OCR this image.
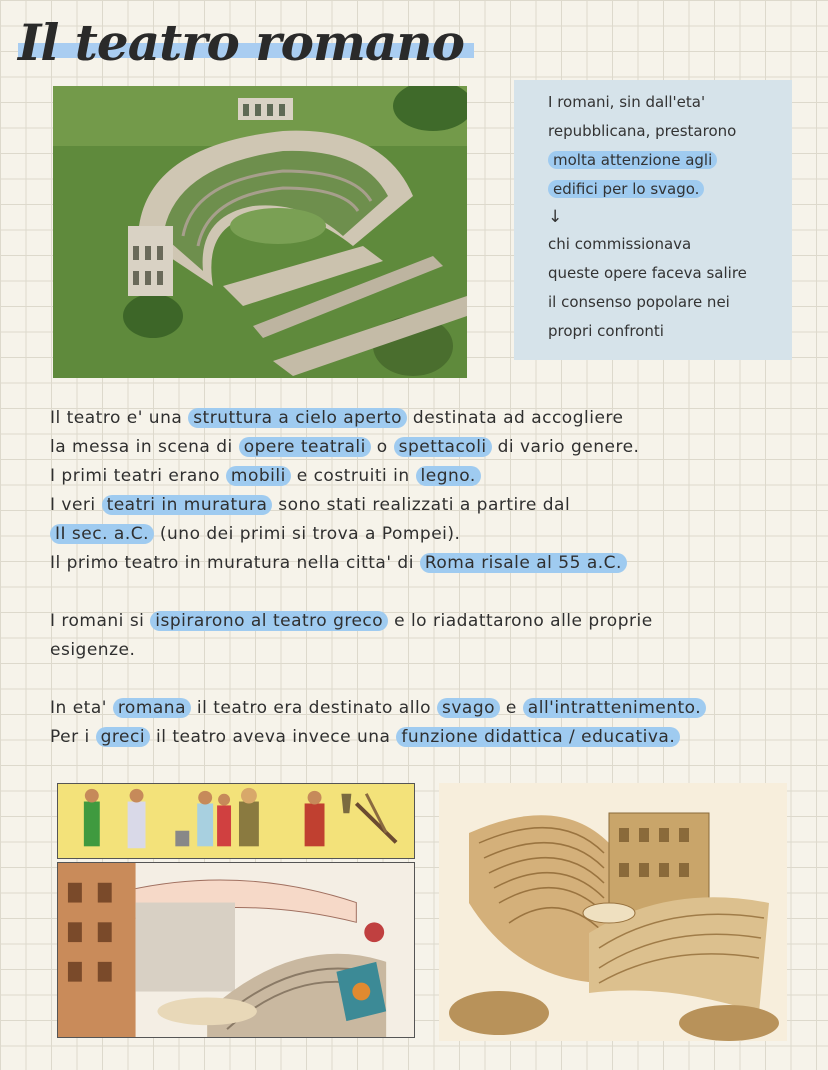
Il teatro romano

I romani, sin dall'eta'

repubblicana, prestarono

molta attenzione agli

edifici per lo svago.

↓

chi commissionava

queste opere faceva salire

il consenso popolare nei

propri confronti

Il teatro e' una struttura a cielo aperto destinata ad accogliere

la messa in scena di opere teatrali o spettacoli di vario genere.

I primi teatri erano mobili e costruiti in legno.

I veri teatri in muratura sono stati realizzati a partire dal

II sec. a.C. (uno dei primi si trova a Pompei).

Il primo teatro in muratura nella citta' di Roma risale al 55 a.C.

I romani si ispirarono al teatro greco e lo riadattarono alle proprie

esigenze.

In eta' romana il teatro era destinato allo svago e all'intrattenimento.

Per i greci il teatro aveva invece una funzione didattica / educativa.
